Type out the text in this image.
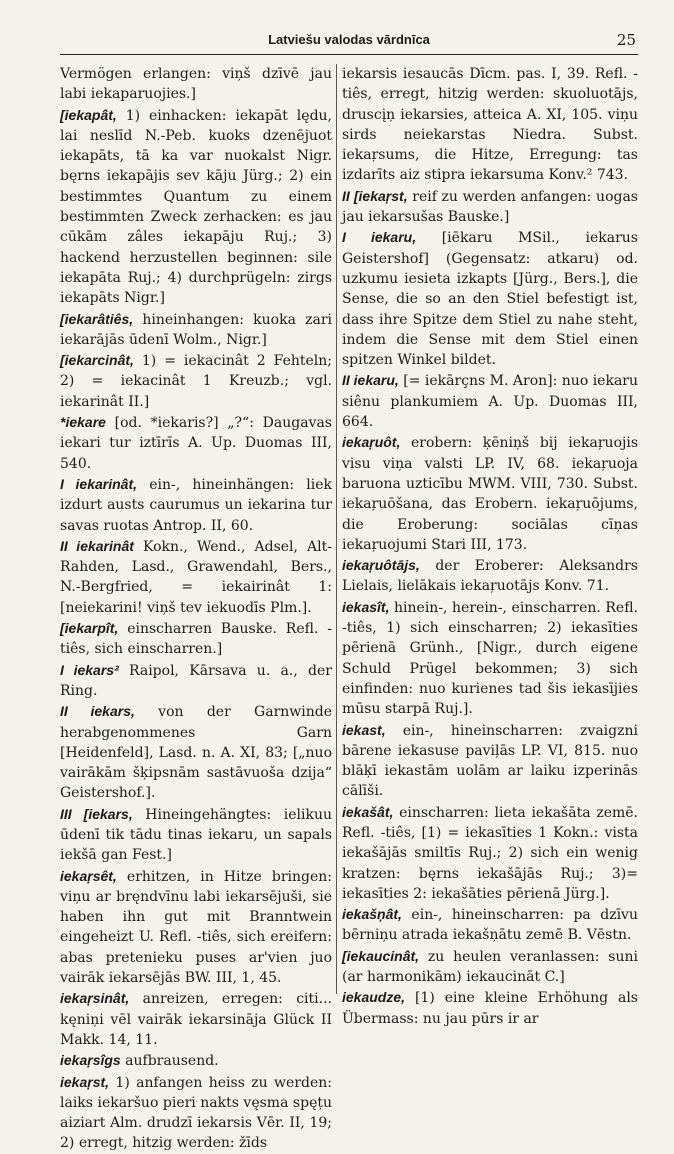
Latviešu valodas vārdnīca	25

Vermögen erlangen: viņš dzīvē jau labi iekaparuojies.]

[iekapât, 1) einhacken: iekapāt lędu, lai neslīd N.-Peb. kuoks dzenējuot iekapāts, tā ka var nuokalst Nigr. bęrns iekapājis sev kāju Jürg.; 2) ein bestimmtes Quantum zu einem bestimmten Zweck zerhacken: es jau cūkām zâles iekapāju Ruj.; 3) hackend herzustellen beginnen: sile iekapāta Ruj.; 4) durchprügeln: zirgs iekapāts Nigr.]

[iekarâtiês, hineinhangen: kuoka zari iekarājās ūdenī Wolm., Nigr.]

[iekarcinât, 1) = iekacinât 2 Fehteln; 2) = iekacinât 1 Kreuzb.; vgl. iekarinât II.]

*iekare [od. *iekaris?] „?“: Daugavas iekari tur iztīrīs A. Up. Duomas III, 540.

I iekarinât, ein-, hineinhängen: liek izdurt austs caurumus un iekarina tur savas ruotas Antrop. II, 60.

II iekarinât Kokn., Wend., Adsel, Alt-Rahden, Lasd., Grawendahl, Bers., N.-Bergfried, = iekairinât 1: [neiekarini! viņš tev iekuodīs Plm.].

[iekarpît, einscharren Bauske. Refl. -tiês, sich einscharren.]

I iekars² Raipol, Kārsava u. a., der Ring.

II iekars, von der Garnwinde herabgenommenes Garn [Heidenfeld], Lasd. n. A. XI, 83; [„nuo vairākām šķipsnām sastāvuošа dzija“ Geistershof.].

III [iekars, Hineingehängtes: ielikuu ūdenī tik tādu tinas iekaru, un sapals iekšā gan Fest.]

iekaŗsêt, erhitzen, in Hitze bringen: viņu ar bręndvīnu labi iekarsējuši, sie haben ihn gut mit Branntwein eingeheizt U. Refl. -tiês, sich ereifern: abas pretenieku puses ar'vien juo vairāk iekarsējās BW. III, 1, 45.

iekaŗsinât, anreizen, erregen: citi... kęniņi vēl vairāk iekarsināja Glück II Makk. 14, 11.

iekaŗsîgs aufbrausend.

iekaŗst, 1) anfangen heiss zu werden: laiks iekaršuo pieri nakts vęsma spęțu aiziart Alm. drudzī iekarsis Vēr. II, 19; 2) erregt, hitzig werden: žīds

iekarsis iesaucās Dīcm. pas. I, 39. Refl. -tiês, erregt, hitzig werden: skuoluotājs, druscįņ iekarsies, atteica A. XI, 105. viņu sirds neiekarstas Niedra. Subst. iekaŗsums, die Hitze, Erregung: tas izdarīts aiz stipra iekarsuma Konv.² 743.

II [iekaŗst, reif zu werden anfangen: uogas jau iekarsušas Bauske.]

I iekaru, [iēkaru MSil., iekarus Geistershof] (Gegensatz: atkaru) od. uzkumu iesieta izkapts [Jürg., Bers.], die Sense, die so an den Stiel befestigt ist, dass ihre Spitze dem Stiel zu nahe steht, indem die Sense mit dem Stiel einen spitzen Winkel bildet.

II iekaru, [= iekārçns M. Aron]: nuo iekaru siênu plankumiem A. Up. Duomas III, 664.

iekaŗuôt, erobern: ķēniņš bij iekaŗuojis visu viņa valsti LP. IV, 68. iekaŗuoja baruona uzticību MWM. VIII, 730. Subst. iekaŗuōšana, das Erobern. iekaŗuōjums, die Eroberung: sociālas cīņas iekaŗuojumi Stari III, 173.

iekaŗuôtājs, der Eroberer: Aleksandrs Lielais, lielākais iekaŗuotājs Konv. 71.

iekasît, hinein-, herein-, einscharren. Refl. -tiês, 1) sich einscharren; 2) iekasīties pērienā Grünh., [Nigr., durch eigene Schuld Prügel bekommen; 3) sich einfinden: nuo kurienes tad šis iekasījies mūsu starpā Ruj.].

iekast, ein-, hineinscharren: zvaigzni bārene iekasuse paviļās LP. VI, 815. nuo blāķī iekastām uolām ar laiku izperinās cālīši.

iekašât, einscharren: lieta iekašāta zemē. Refl. -tiês, [1) = iekasīties 1 Kokn.: vista iekašājās smiltīs Ruj.; 2) sich ein wenig kratzen: bęrns iekašājās Ruj.; 3)= iekasīties 2: iekašāties pērienā Jürg.].

iekašņât, ein-, hineinscharren: pa dzīvu bērniņu atrada iekašņātu zemē B. Vēstn.

[iekaucinât, zu heulen veranlassen: suni (ar harmonikām) iekaucināt C.]

iekaudze, [1) eine kleine Erhöhung als Übermass: nu jau pūrs ir ar
